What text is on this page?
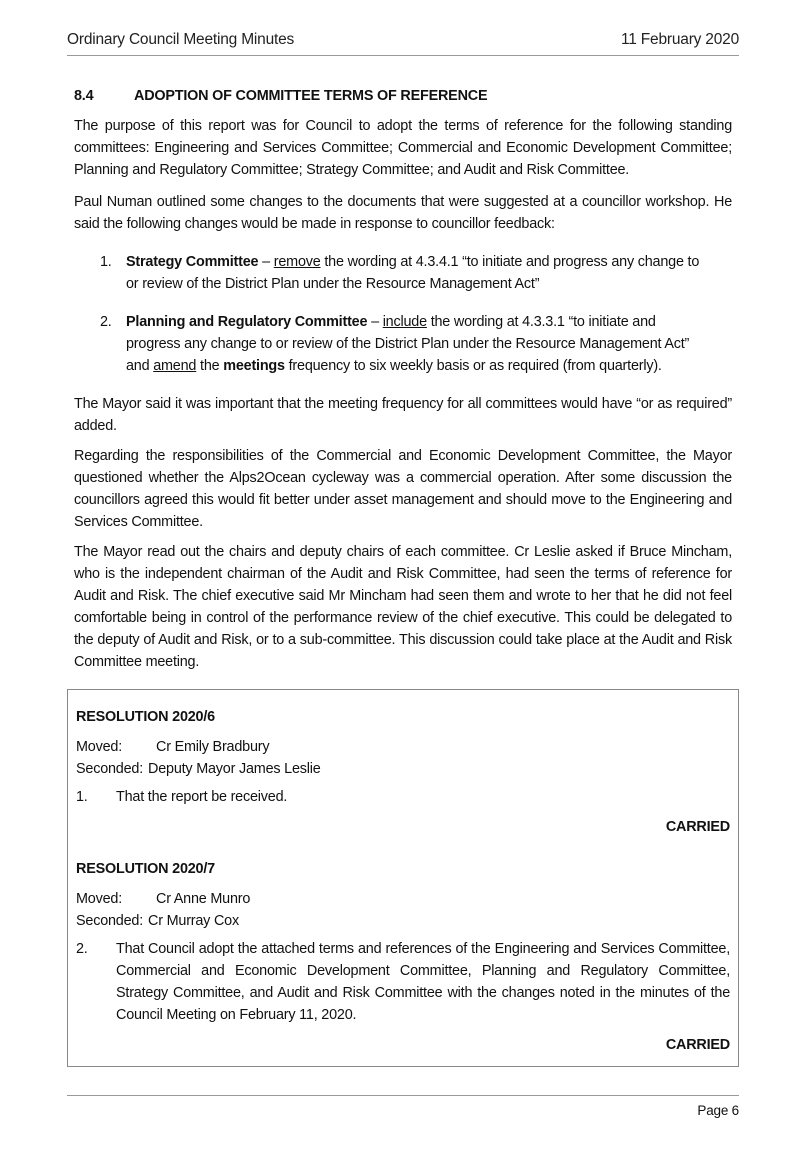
Ordinary Council Meeting Minutes	11 February 2020
8.4	ADOPTION OF COMMITTEE TERMS OF REFERENCE

The purpose of this report was for Council to adopt the terms of reference for the following standing committees: Engineering and Services Committee; Commercial and Economic Development Committee; Planning and Regulatory Committee; Strategy Committee; and Audit and Risk Committee.

Paul Numan outlined some changes to the documents that were suggested at a councillor workshop. He said the following changes would be made in response to councillor feedback:

1. Strategy Committee – remove the wording at 4.3.4.1 “to initiate and progress any change to or review of the District Plan under the Resource Management Act”
2. Planning and Regulatory Committee – include the wording at 4.3.3.1 “to initiate and progress any change to or review of the District Plan under the Resource Management Act” and amend the meetings frequency to six weekly basis or as required (from quarterly).

The Mayor said it was important that the meeting frequency for all committees would have “or as required” added.

Regarding the responsibilities of the Commercial and Economic Development Committee, the Mayor questioned whether the Alps2Ocean cycleway was a commercial operation. After some discussion the councillors agreed this would fit better under asset management and should move to the Engineering and Services Committee.

The Mayor read out the chairs and deputy chairs of each committee. Cr Leslie asked if Bruce Mincham, who is the independent chairman of the Audit and Risk Committee, had seen the terms of reference for Audit and Risk. The chief executive said Mr Mincham had seen them and wrote to her that he did not feel comfortable being in control of the performance review of the chief executive. This could be delegated to the deputy of Audit and Risk, or to a sub-committee. This discussion could take place at the Audit and Risk Committee meeting.

RESOLUTION 2020/6
Moved:	Cr Emily Bradbury
Seconded: Deputy Mayor James Leslie
1.	That the report be received.
CARRIED
RESOLUTION 2020/7
Moved:	Cr Anne Munro
Seconded: Cr Murray Cox
2.	That Council adopt the attached terms and references of the Engineering and Services Committee, Commercial and Economic Development Committee, Planning and Regulatory Committee, Strategy Committee, and Audit and Risk Committee with the changes noted in the minutes of the Council Meeting on February 11, 2020.
CARRIED
Page 6
